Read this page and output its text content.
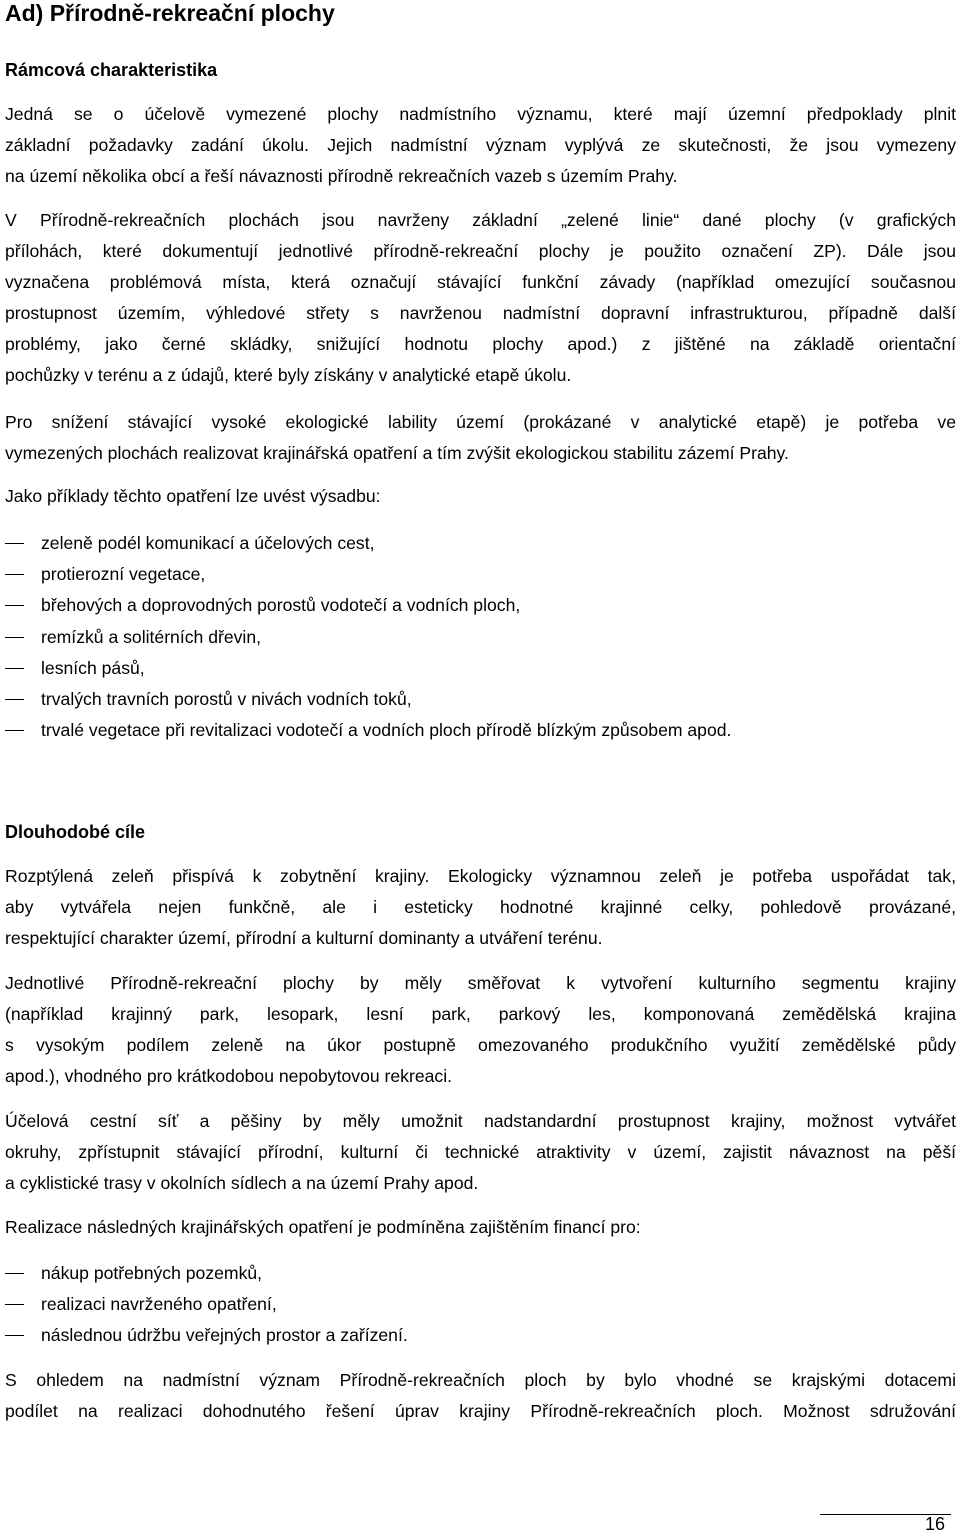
Ad) Přírodně-rekreační plochy
Rámcová charakteristika
Jedná se o účelově vymezené plochy nadmístního významu, které mají územní předpoklady plnit
základní požadavky zadání úkolu. Jejich nadmístní význam vyplývá ze skutečnosti, že jsou vymezeny
na území několika obcí a řeší návaznosti přírodně rekreačních vazeb s územím Prahy.
V Přírodně-rekreačních plochách jsou navrženy základní „zelené linie“ dané plochy (v grafických
přílohách, které dokumentují jednotlivé přírodně-rekreační plochy je použito označení ZP). Dále jsou
vyznačena problémová místa, která označují stávající funkční závady (například omezující současnou
prostupnost územím, výhledové střety s navrženou nadmístní dopravní infrastrukturou, případně další
problémy, jako černé skládky, snižující hodnotu plochy apod.) z jištěné na základě orientační
pochůzky v terénu a z údajů, které byly získány v analytické etapě úkolu.
Pro snížení stávající vysoké ekologické lability území (prokázané v analytické etapě) je potřeba ve
vymezených plochách realizovat krajinářská opatření a tím zvýšit ekologickou stabilitu zázemí Prahy.
Jako příklady těchto opatření lze uvést výsadbu:
zeleně podél komunikací a účelových cest,
protierozní vegetace,
břehových a doprovodných porostů vodotečí a vodních ploch,
remízků a solitérních dřevin,
lesních pásů,
trvalých travních porostů v nivách vodních toků,
trvalé vegetace při revitalizaci vodotečí a vodních ploch přírodě blízkým způsobem apod.
Dlouhodobé cíle
Rozptýlená zeleň přispívá k zobytnění krajiny. Ekologicky významnou zeleň je potřeba uspořádat tak,
aby vytvářela nejen funkčně, ale i esteticky hodnotné krajinné celky, pohledově provázané,
respektující charakter území, přírodní a kulturní dominanty a utváření terénu.
Jednotlivé Přírodně-rekreační plochy by měly směřovat k vytvoření kulturního segmentu krajiny
(například krajinný park, lesopark, lesní park, parkový les, komponovaná zemědělská krajina
s vysokým podílem zeleně na úkor postupně omezovaného produkčního využití zemědělské půdy
apod.), vhodného pro krátkodobou nepobytovou rekreaci.
Účelová cestní síť a pěšiny by měly umožnit nadstandardní prostupnost krajiny, možnost vytvářet
okruhy, zpřístupnit stávající přírodní, kulturní či technické atraktivity v území, zajistit návaznost na pěší
a cyklistické trasy v okolních sídlech a na území Prahy apod.
Realizace následných krajinářských opatření je podmíněna zajištěním financí pro:
nákup potřebných pozemků,
realizaci navrženého opatření,
následnou údržbu veřejných prostor a zařízení.
S ohledem na nadmístní význam Přírodně-rekreačních ploch by bylo vhodné se krajskými dotacemi
podílet na realizaci dohodnutého řešení úprav krajiny Přírodně-rekreačních ploch. Možnost sdružování
16
